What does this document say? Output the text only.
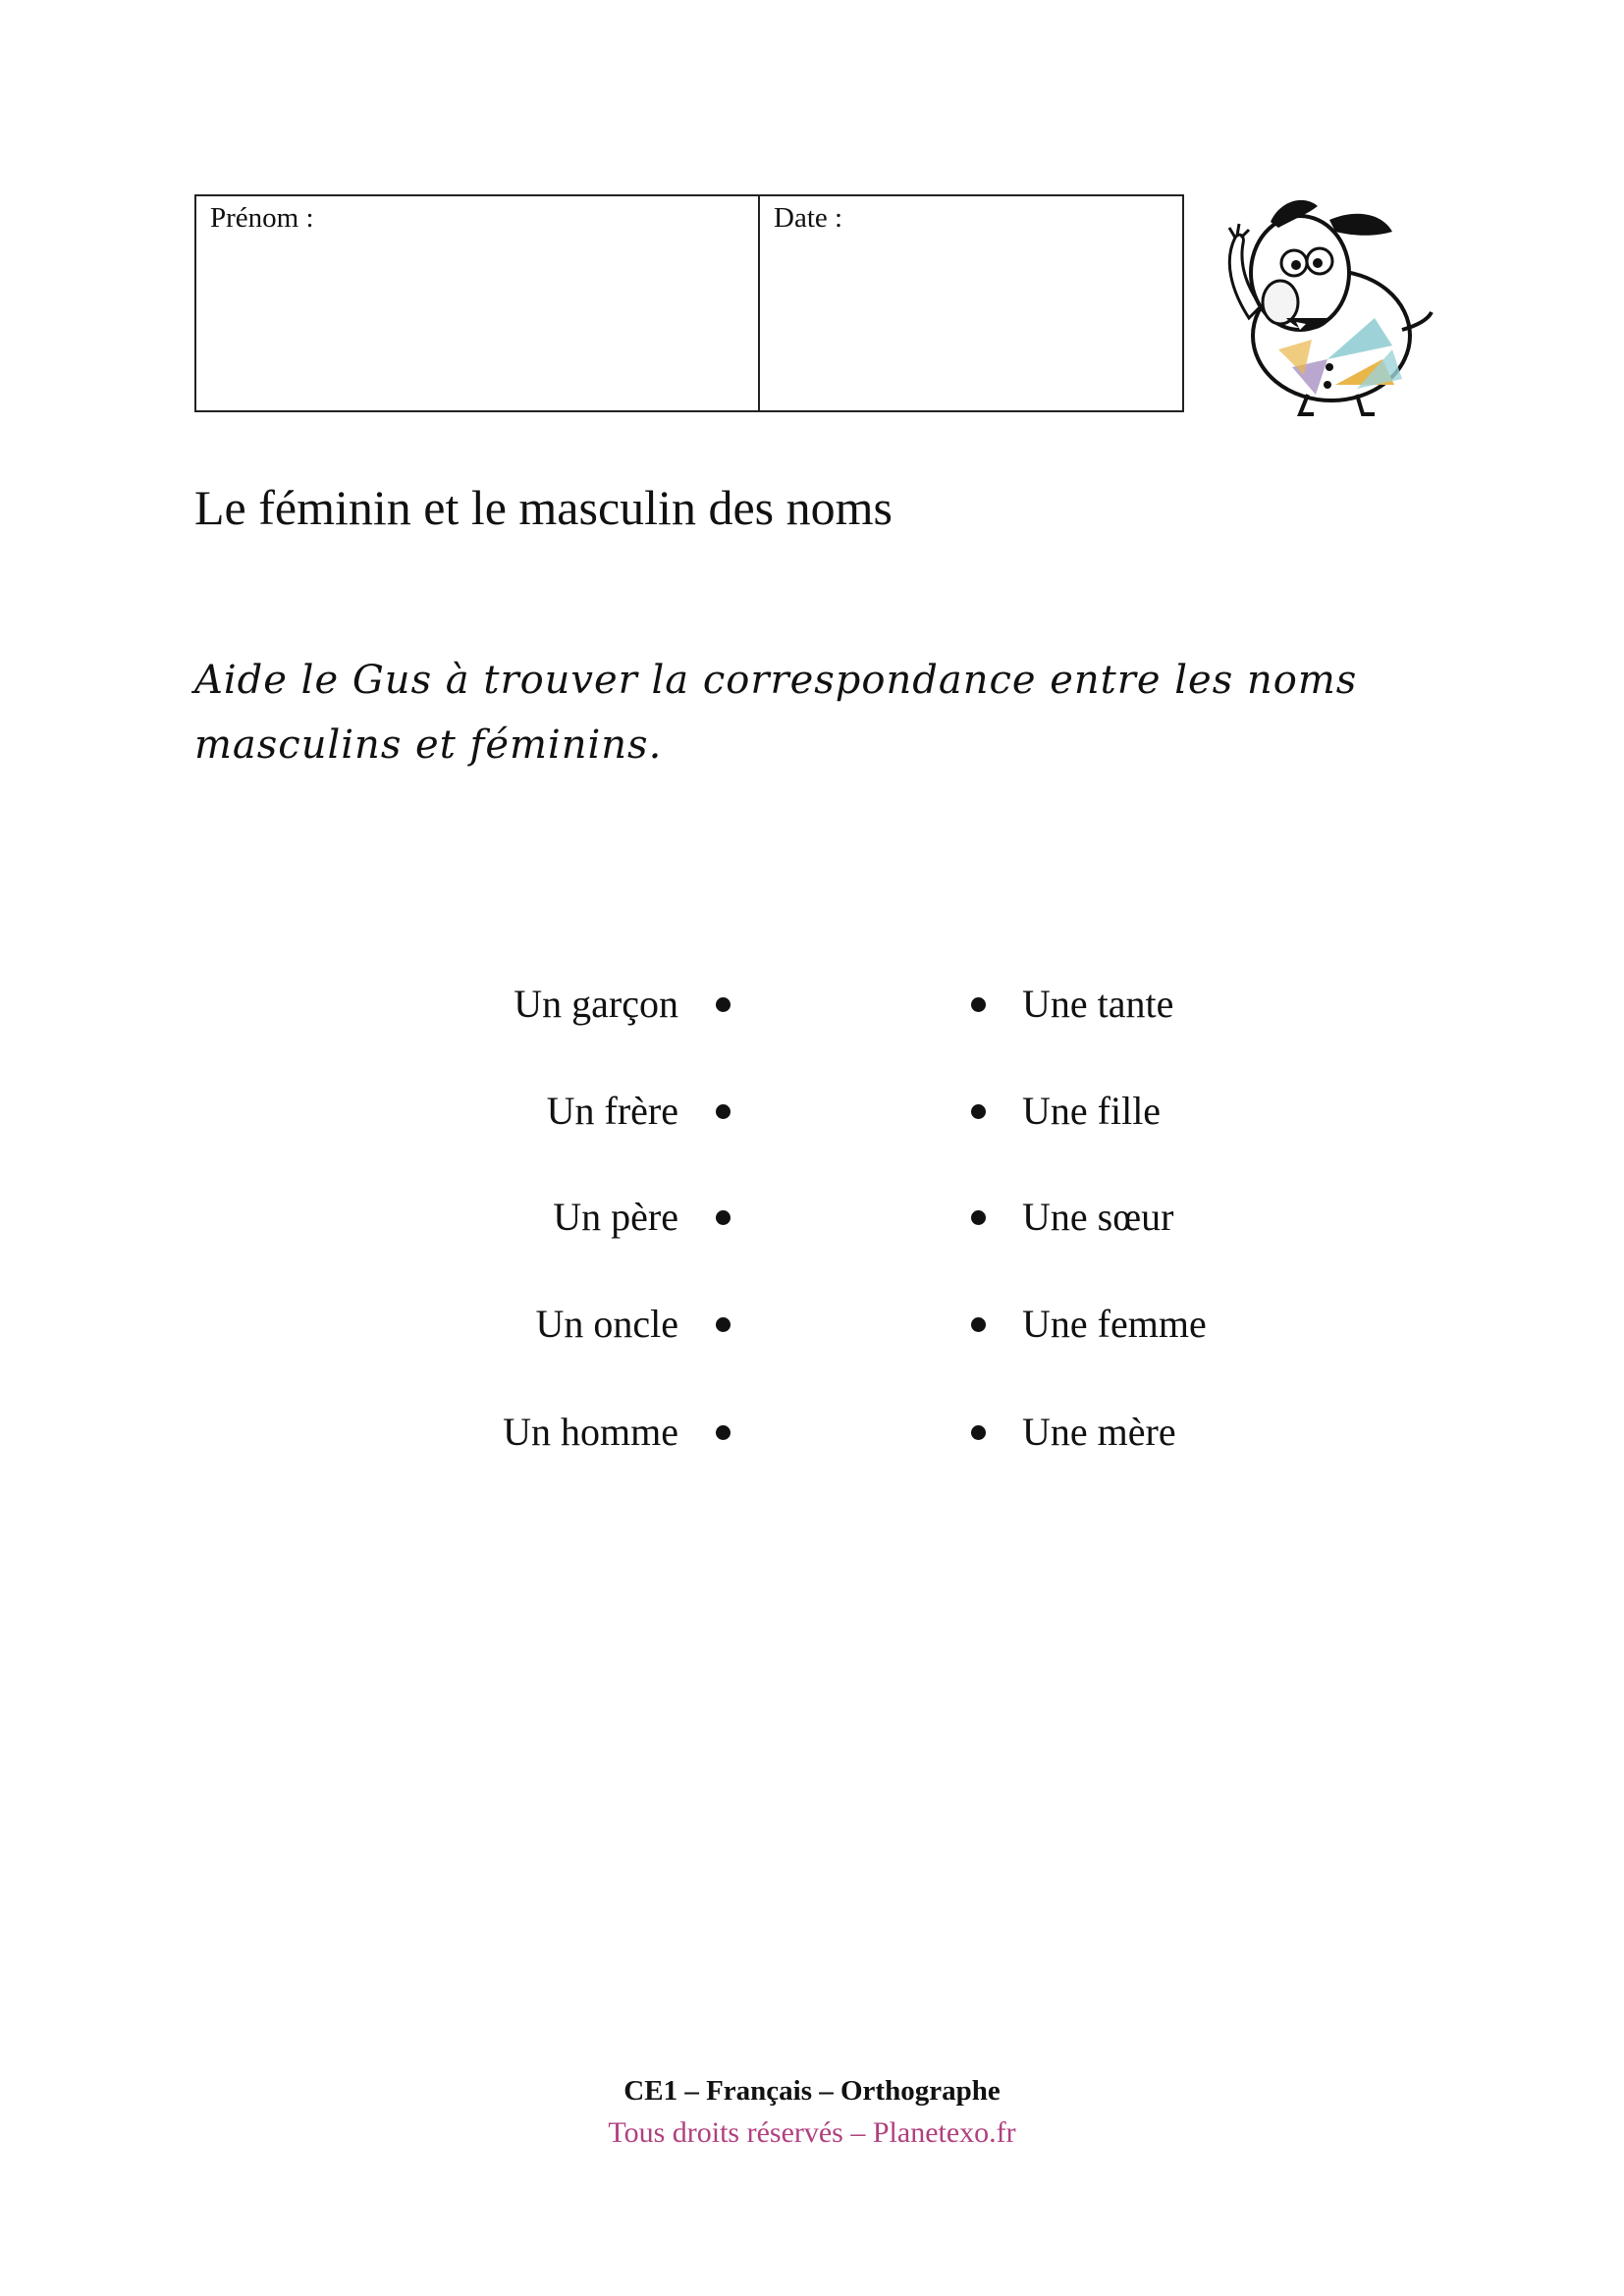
Prénom :	Date :
Le féminin et le masculin des noms
Aide le Gus à trouver la correspondance entre les noms
masculins et féminins.
Un garçon	Une tante
Un frère	Une fille
Un père	Une sœur
Un oncle	Une femme
Un homme	Une mère
CE1 – Français – Orthographe
Tous droits réservés – Planetexo.fr
